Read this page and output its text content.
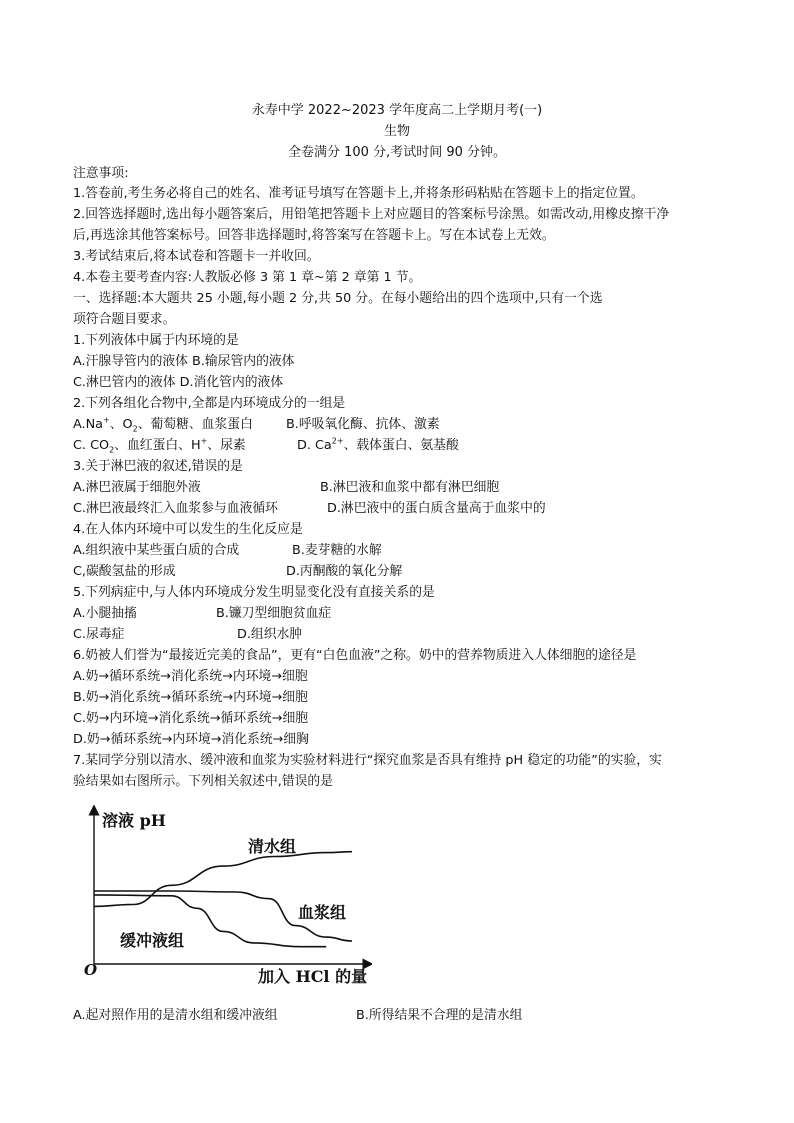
永寿中学 2022~2023 学年度高二上学期月考(一)
生物
全卷满分 100 分,考试时间 90 分钟。
注意事项:
1.答卷前,考生务必将自己的姓名、准考证号填写在答题卡上,并将条形码粘贴在答题卡上的指定位置。
2.回答选择题时,选出每小题答案后，用铅笔把答题卡上对应题目的答案标号涂黑。如需改动,用橡皮擦干净
后,再选涂其他答案标号。回答非选择题时,将答案写在答题卡上。写在本试卷上无效。
3.考试结束后,将本试卷和答题卡一并收回。
4.本卷主要考查内容:人教版必修 3 第 1 章~第 2 章第 1 节。
一、选择题:本大题共 25 小题,每小题 2 分,共 50 分。在每小题给出的四个选项中,只有一个选
项符合题目要求。
1.下列液体中属于内环境的是
A.汗腺导管内的液体 B.输尿管内的液体
C.淋巴管内的液体 D.消化管内的液体
2.下列各组化合物中,全都是内环境成分的一组是
A.Na+、$O_2$、葡萄糖、血浆蛋白	B.呼吸氧化酶、抗体、激素
C. $CO_2$、血红蛋白、H+、尿素	D. $Ca^{2+}$、载体蛋白、氨基酸
3.关于淋巴液的叙述,错误的是
A.淋巴液属于细胞外液	B.淋巴液和血浆中都有淋巴细胞
C.淋巴液最终汇入血浆参与血液循环	D.淋巴液中的蛋白质含量高于血浆中的
4.在人体内环境中可以发生的生化反应是
A.组织液中某些蛋白质的合成	B.麦芽糖的水解
C,碳酸氢盐的形成	D.丙酮酸的氧化分解
5.下列病症中,与人体内环境成分发生明显变化没有直接关系的是
A.小腿抽搐	B.镰刀型细胞贫血症
C.尿毒症	D.组织水肿
6.奶被人们誉为“最接近完美的食品”，更有“白色血液”之称。奶中的营养物质进入人体细胞的途径是
A.奶→循环系统→消化系统→内环境→细胞
B.奶→消化系统→循环系统→内环境→细胞
C.奶→内环境→消化系统→循环系统→细胞
D.奶→循环系统→内环境→消化系统→细胸
7.某同学分别以清水、缓冲液和血浆为实验材料进行“探究血浆是否具有维持 pH 稳定的功能”的实验，实
验结果如右图所示。下列相关叙述中,错误的是
溶液 pH
加入 HCl 的量
O
清水组
血浆组
缓冲液组
A.起对照作用的是清水组和缓冲液组	B.所得结果不合理的是清水组
